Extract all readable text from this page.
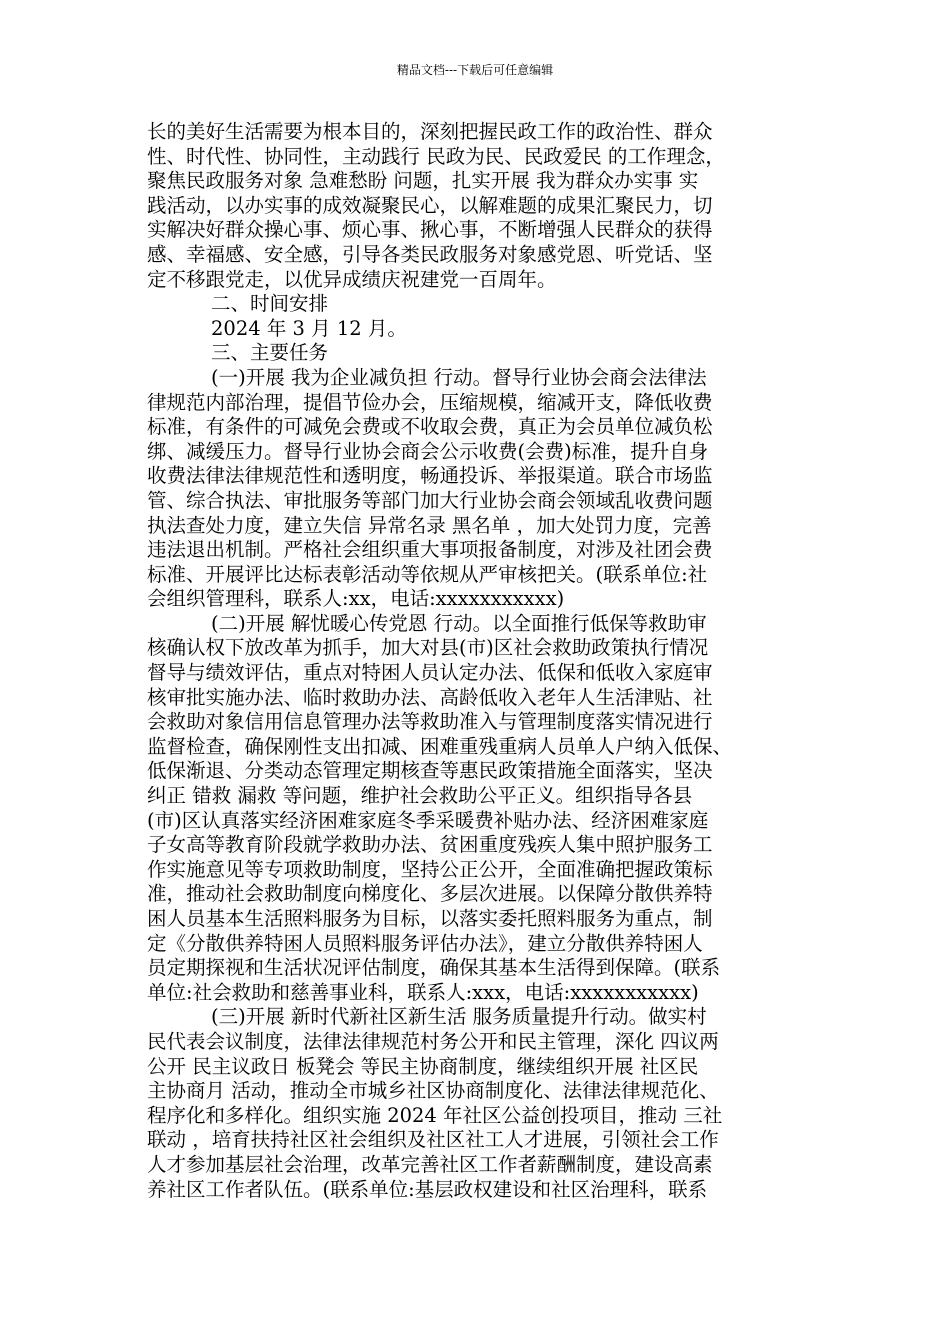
精品文档---下载后可任意编辑
长的美好生活需要为根本目的，深刻把握民政工作的政治性、群众
性、时代性、协同性，主动践行 民政为民、民政爱民 的工作理念，
聚焦民政服务对象 急难愁盼 问题，扎实开展 我为群众办实事 实
践活动，以办实事的成效凝聚民心，以解难题的成果汇聚民力，切
实解决好群众操心事、烦心事、揪心事，不断增强人民群众的获得
感、幸福感、安全感，引导各类民政服务对象感党恩、听党话、坚
定不移跟党走，以优异成绩庆祝建党一百周年。
二、时间安排
2024 年 3 月 12 月。
三、主要任务
(一)开展 我为企业减负担 行动。督导行业协会商会法律法
律规范内部治理，提倡节俭办会，压缩规模，缩减开支，降低收费
标准，有条件的可减免会费或不收取会费，真正为会员单位减负松
绑、减缓压力。督导行业协会商会公示收费(会费)标准，提升自身
收费法律法律规范性和透明度，畅通投诉、举报渠道。联合市场监
管、综合执法、审批服务等部门加大行业协会商会领域乱收费问题
执法查处力度，建立失信 异常名录 黑名单 ，加大处罚力度，完善
违法退出机制。严格社会组织重大事项报备制度，对涉及社团会费
标准、开展评比达标表彰活动等依规从严审核把关。(联系单位:社
会组织管理科，联系人:xx，电话:xxxxxxxxxxx)
(二)开展 解忧暖心传党恩 行动。以全面推行低保等救助审
核确认权下放改革为抓手，加大对县(市)区社会救助政策执行情况
督导与绩效评估，重点对特困人员认定办法、低保和低收入家庭审
核审批实施办法、临时救助办法、高龄低收入老年人生活津贴、社
会救助对象信用信息管理办法等救助准入与管理制度落实情况进行
监督检查，确保刚性支出扣减、困难重残重病人员单人户纳入低保、
低保渐退、分类动态管理定期核查等惠民政策措施全面落实，坚决
纠正 错救 漏救 等问题，维护社会救助公平正义。组织指导各县
(市)区认真落实经济困难家庭冬季采暖费补贴办法、经济困难家庭
子女高等教育阶段就学救助办法、贫困重度残疾人集中照护服务工
作实施意见等专项救助制度，坚持公正公开，全面准确把握政策标
准，推动社会救助制度向梯度化、多层次进展。以保障分散供养特
困人员基本生活照料服务为目标，以落实委托照料服务为重点，制
定《分散供养特困人员照料服务评估办法》，建立分散供养特困人
员定期探视和生活状况评估制度，确保其基本生活得到保障。(联系
单位:社会救助和慈善事业科，联系人:xxx，电话:xxxxxxxxxxx)
(三)开展 新时代新社区新生活 服务质量提升行动。做实村
民代表会议制度，法律法律规范村务公开和民主管理，深化 四议两
公开 民主议政日 板凳会 等民主协商制度，继续组织开展 社区民
主协商月 活动，推动全市城乡社区协商制度化、法律法律规范化、
程序化和多样化。组织实施 2024 年社区公益创投项目，推动 三社
联动 ，培育扶持社区社会组织及社区社工人才进展，引领社会工作
人才参加基层社会治理，改革完善社区工作者薪酬制度，建设高素
养社区工作者队伍。(联系单位:基层政权建设和社区治理科，联系
